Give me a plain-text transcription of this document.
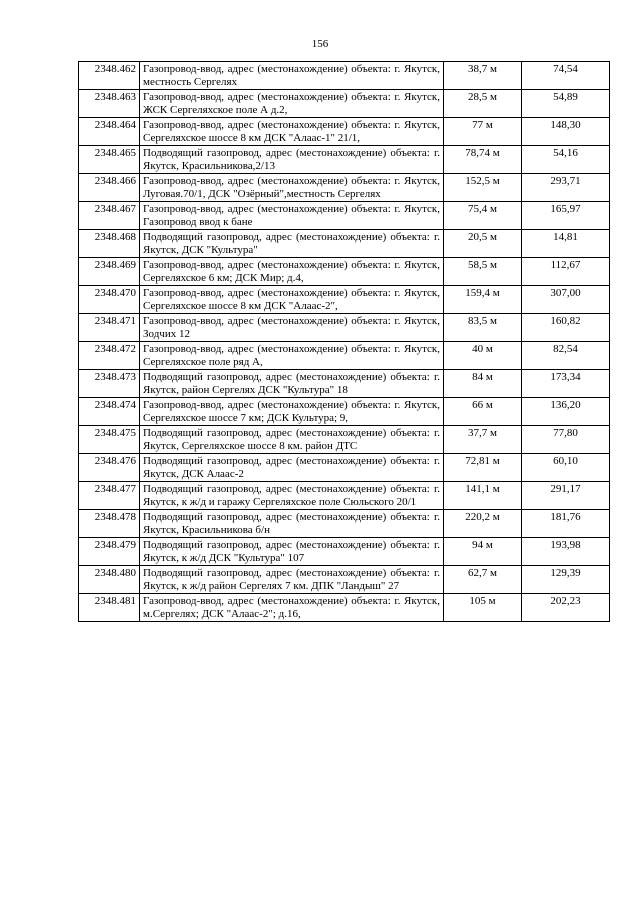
156
2348.462	Газопровод-ввод, адрес (местонахождение) объекта: г. Якутск, местность Сергелях	38,7 м	74,54
2348.463	Газопровод-ввод, адрес (местонахождение) объекта: г. Якутск, ЖСК Сергеляхское поле А д.2,	28,5 м	54,89
2348.464	Газопровод-ввод, адрес (местонахождение) объекта: г. Якутск, Сергеляхское шоссе 8 км ДСК "Алаас-1" 21/1,	77 м	148,30
2348.465	Подводящий газопровод, адрес (местонахождение) объекта: г. Якутск, Красильникова,2/13	78,74 м	54,16
2348.466	Газопровод-ввод, адрес (местонахождение) объекта: г. Якутск, Луговая.70/1, ДСК "Озёрный",местность Сергелях	152,5 м	293,71
2348.467	Газопровод-ввод, адрес (местонахождение) объекта: г. Якутск, Газопровод ввод к бане	75,4 м	165,97
2348.468	Подводящий газопровод, адрес (местонахождение) объекта: г. Якутск, ДСК "Культура"	20,5 м	14,81
2348.469	Газопровод-ввод, адрес (местонахождение) объекта: г. Якутск, Сергеляхское 6 км; ДСК Мир; д.4,	58,5 м	112,67
2348.470	Газопровод-ввод, адрес (местонахождение) объекта: г. Якутск, Сергеляхское шоссе 8 км ДСК "Алаас-2",	159,4 м	307,00
2348.471	Газопровод-ввод, адрес (местонахождение) объекта: г. Якутск, Зодчих 12	83,5 м	160,82
2348.472	Газопровод-ввод, адрес (местонахождение) объекта: г. Якутск, Сергеляхское поле ряд А,	40 м	82,54
2348.473	Подводящий газопровод, адрес (местонахождение) объекта: г. Якутск, район Сергелях ДСК "Культура" 18	84 м	173,34
2348.474	Газопровод-ввод, адрес (местонахождение) объекта: г. Якутск, Сергеляхское шоссе 7 км; ДСК Культура; 9,	66 м	136,20
2348.475	Подводящий газопровод, адрес (местонахождение) объекта: г. Якутск, Сергеляхское шоссе 8 км. район ДТС	37,7 м	77,80
2348.476	Подводящий газопровод, адрес (местонахождение) объекта: г. Якутск, ДСК Алаас-2	72,81 м	60,10
2348.477	Подводящий газопровод, адрес (местонахождение) объекта: г. Якутск, к ж/д и гаражу Сергеляхское поле Сюльского 20/1	141,1 м	291,17
2348.478	Подводящий газопровод, адрес (местонахождение) объекта: г. Якутск, Красильникова б/н	220,2 м	181,76
2348.479	Подводящий газопровод, адрес (местонахождение) объекта: г. Якутск, к ж/д ДСК "Культура" 107	94 м	193,98
2348.480	Подводящий газопровод, адрес (местонахождение) объекта: г. Якутск, к ж/д район Сергелях 7 км. ДПК "Ландыш" 27	62,7 м	129,39
2348.481	Газопровод-ввод, адрес (местонахождение) объекта: г. Якутск, м.Сергелях; ДСК "Алаас-2"; д.16,	105 м	202,23
